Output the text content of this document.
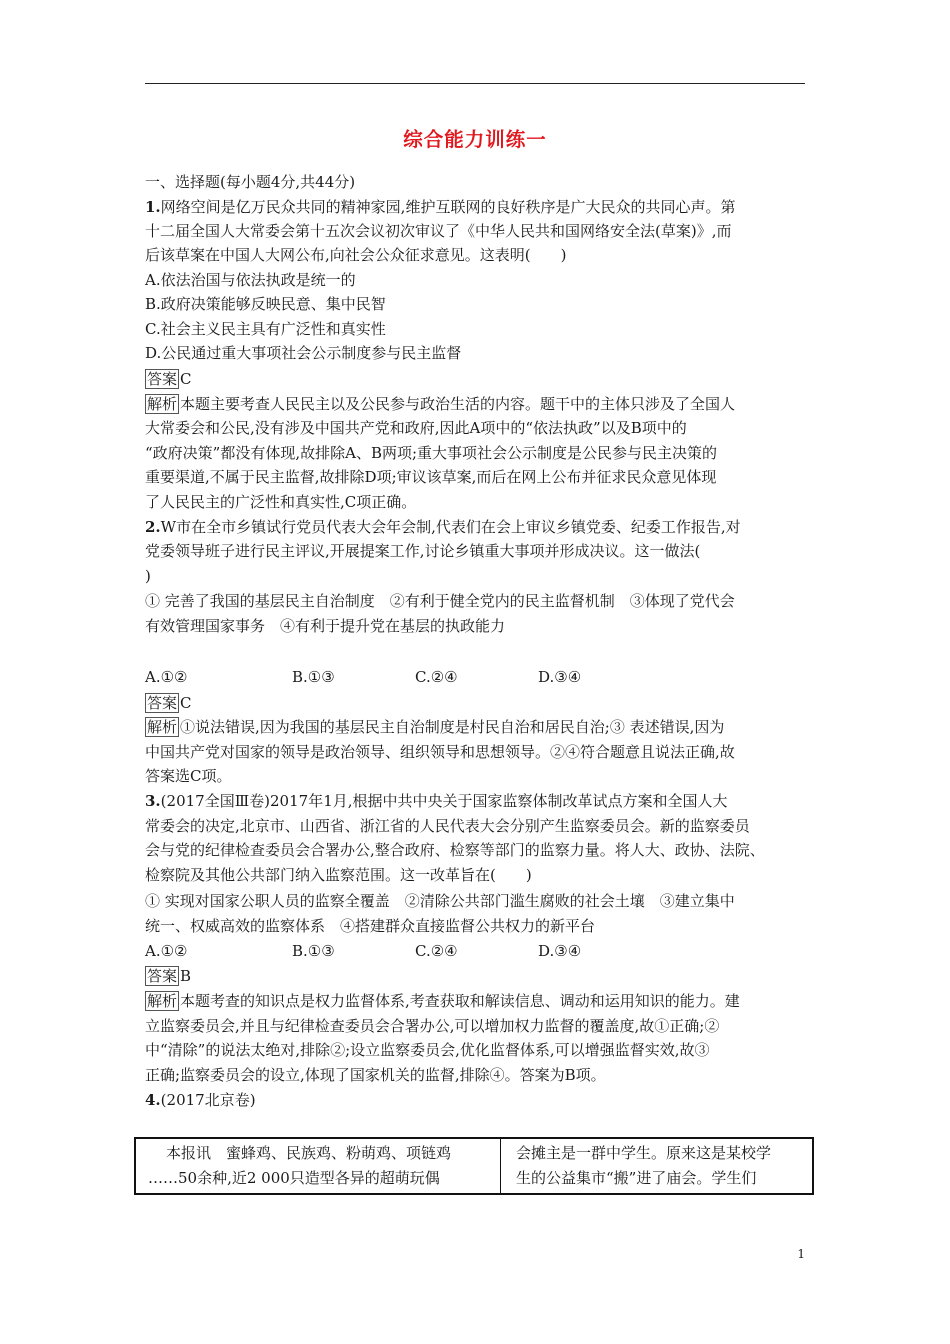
综合能力训练一
一、选择题(每小题4分,共44分)
1.网络空间是亿万民众共同的精神家园,维护互联网的良好秩序是广大民众的共同心声。第
十二届全国人大常委会第十五次会议初次审议了《中华人民共和国网络安全法(草案)》,而
后该草案在中国人大网公布,向社会公众征求意见。这表明(　　)
A.依法治国与依法执政是统一的
B.政府决策能够反映民意、集中民智
C.社会主义民主具有广泛性和真实性
D.公民通过重大事项社会公示制度参与民主监督
答案 C
解析 本题主要考查人民民主以及公民参与政治生活的内容。题干中的主体只涉及了全国人
大常委会和公民,没有涉及中国共产党和政府,因此A项中的“依法执政”以及B项中的
“政府决策”都没有体现,故排除A、B两项;重大事项社会公示制度是公民参与民主决策的
重要渠道,不属于民主监督,故排除D项;审议该草案,而后在网上公布并征求民众意见体现
了人民民主的广泛性和真实性,C项正确。
2.W市在全市乡镇试行党员代表大会年会制,代表们在会上审议乡镇党委、纪委工作报告,对
党委领导班子进行民主评议,开展提案工作,讨论乡镇重大事项并形成决议。这一做法(
)
① 完善了我国的基层民主自治制度　②有利于健全党内的民主监督机制　③体现了党代会
有效管理国家事务　④有利于提升党在基层的执政能力
A.①②	B.①③	C.②④	D.③④
答案 C
解析 ①说法错误,因为我国的基层民主自治制度是村民自治和居民自治;③ 表述错误,因为
中国共产党对国家的领导是政治领导、组织领导和思想领导。②④符合题意且说法正确,故
答案选C项。
3.(2017全国Ⅲ卷)2017年1月,根据中共中央关于国家监察体制改革试点方案和全国人大
常委会的决定,北京市、山西省、浙江省的人民代表大会分别产生监察委员会。新的监察委员
会与党的纪律检查委员会合署办公,整合政府、检察等部门的监察力量。将人大、政协、法院、
检察院及其他公共部门纳入监察范围。这一改革旨在(　　)
① 实现对国家公职人员的监察全覆盖　②清除公共部门滥生腐败的社会土壤　③建立集中
统一、权威高效的监察体系　④搭建群众直接监督公共权力的新平台
A.①②	B.①③	C.②④	D.③④
答案 B
解析 本题考查的知识点是权力监督体系,考查获取和解读信息、调动和运用知识的能力。建
立监察委员会,并且与纪律检查委员会合署办公,可以增加权力监督的覆盖度,故①正确;②
中“清除”的说法太绝对,排除②;设立监察委员会,优化监督体系,可以增强监督实效,故③
正确;监察委员会的设立,体现了国家机关的监督,排除④。答案为B项。
4.(2017北京卷)
本报讯　蜜蜂鸡、民族鸡、粉萌鸡、项链鸡
……50余种,近2 000只造型各异的超萌玩偶
会摊主是一群中学生。原来这是某校学
生的公益集市“搬”进了庙会。学生们
1
